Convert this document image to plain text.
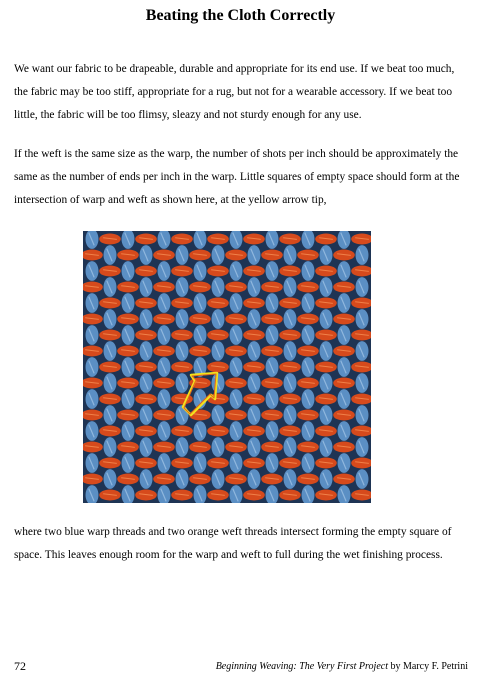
Beating the Cloth Correctly

We want our fabric to be drapeable, durable and appropriate for its end use. If we beat too much, the fabric may be too stiff, appropriate for a rug, but not for a wearable accessory. If we beat too little, the fabric will be too flimsy, sleazy and not sturdy enough for any use.

If the weft is the same size as the warp, the number of shots per inch should be approximately the same as the number of ends per inch in the warp. Little squares of empty space should form at the intersection of warp and weft as shown here, at the yellow arrow tip,

where two blue warp threads and two orange weft threads intersect forming the empty square of space. This leaves enough room for the warp and weft to full during the wet finishing process.

72	Beginning Weaving: The Very First Project by Marcy F. Petrini
